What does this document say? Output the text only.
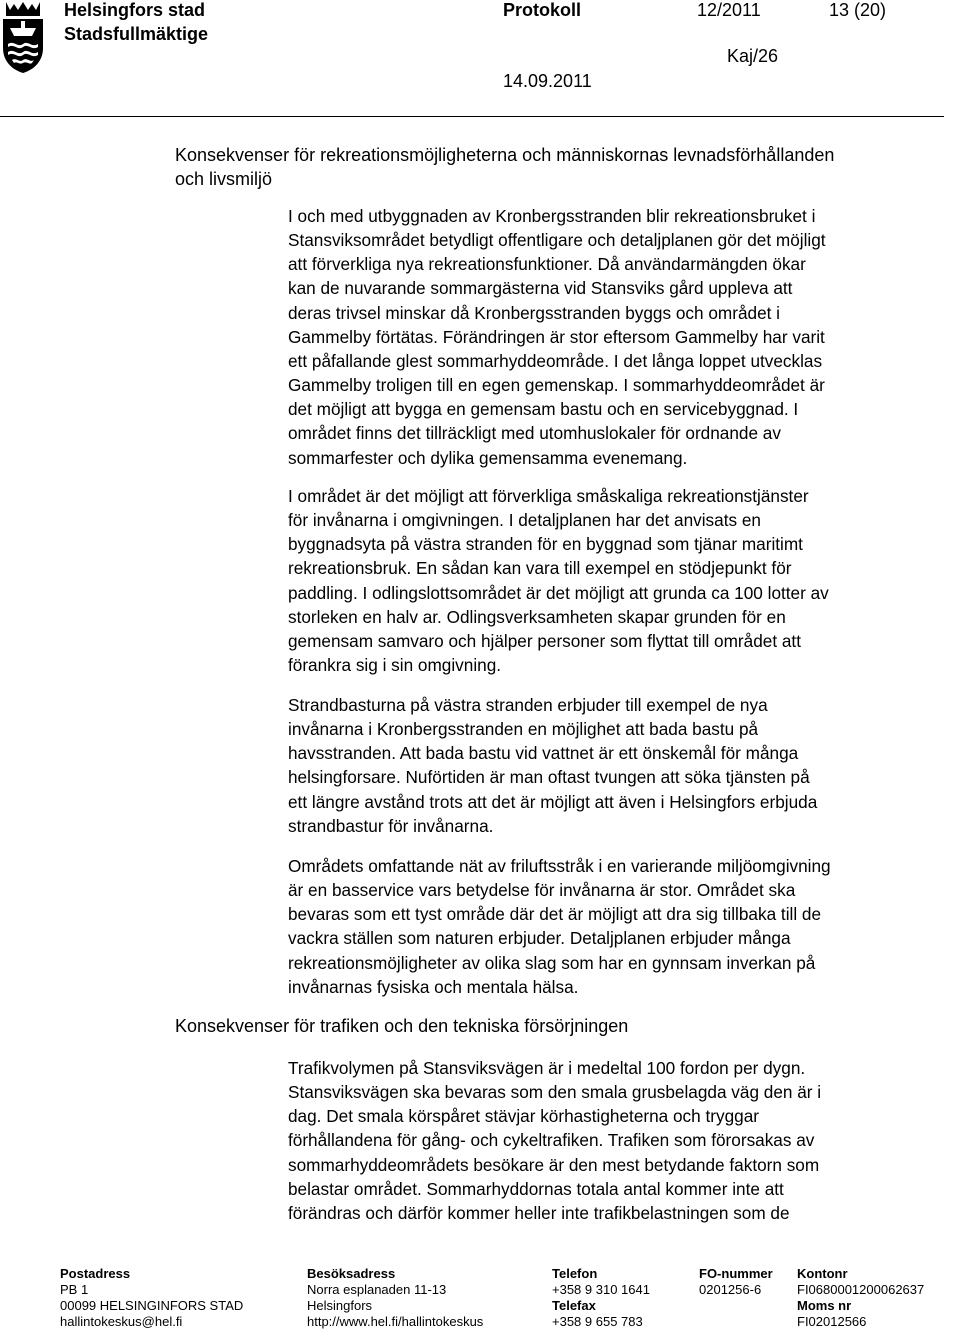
Helsingfors stad
Stadsfullmäktige
Protokoll	12/2011	13 (20)
Kaj/26
14.09.2011
Konsekvenser för rekreationsmöjligheterna och människornas levnadsförhållanden
och livsmiljö
I och med utbyggnaden av Kronbergsstranden blir rekreationsbruket i
Stansviksområdet betydligt offentligare och detaljplanen gör det möjligt
att förverkliga nya rekreationsfunktioner. Då användarmängden ökar
kan de nuvarande sommargästerna vid Stansviks gård uppleva att
deras trivsel minskar då Kronbergsstranden byggs och området i
Gammelby förtätas. Förändringen är stor eftersom Gammelby har varit
ett påfallande glest sommarhyddeområde. I det långa loppet utvecklas
Gammelby troligen till en egen gemenskap. I sommarhyddeområdet är
det möjligt att bygga en gemensam bastu och en servicebyggnad. I
området finns det tillräckligt med utomhuslokaler för ordnande av
sommarfester och dylika gemensamma evenemang.
I området är det möjligt att förverkliga småskaliga rekreationstjänster
för invånarna i omgivningen. I detaljplanen har det anvisats en
byggnadsyta på västra stranden för en byggnad som tjänar maritimt
rekreationsbruk. En sådan kan vara till exempel en stödjepunkt för
paddling. I odlingslottsområdet är det möjligt att grunda ca 100 lotter av
storleken en halv ar. Odlingsverksamheten skapar grunden för en
gemensam samvaro och hjälper personer som flyttat till området att
förankra sig i sin omgivning.
Strandbasturna på västra stranden erbjuder till exempel de nya
invånarna i Kronbergsstranden en möjlighet att bada bastu på
havsstranden. Att bada bastu vid vattnet är ett önskemål för många
helsingforsare. Nuförtiden är man oftast tvungen att söka tjänsten på
ett längre avstånd trots att det är möjligt att även i Helsingfors erbjuda
strandbastur för invånarna.
Områdets omfattande nät av friluftsstråk i en varierande miljöomgivning
är en basservice vars betydelse för invånarna är stor. Området ska
bevaras som ett tyst område där det är möjligt att dra sig tillbaka till de
vackra ställen som naturen erbjuder. Detaljplanen erbjuder många
rekreationsmöjligheter av olika slag som har en gynnsam inverkan på
invånarnas fysiska och mentala hälsa.
Konsekvenser för trafiken och den tekniska försörjningen
Trafikvolymen på Stansviksvägen är i medeltal 100 fordon per dygn.
Stansviksvägen ska bevaras som den smala grusbelagda väg den är i
dag. Det smala körspåret stävjar körhastigheterna och tryggar
förhållandena för gång- och cykeltrafiken. Trafiken som förorsakas av
sommarhyddeområdets besökare är den mest betydande faktorn som
belastar området. Sommarhyddornas totala antal kommer inte att
förändras och därför kommer heller inte trafikbelastningen som de
Postadress
PB 1
00099 HELSINGINFORS STAD
hallintokeskus@hel.fi
Besöksadress
Norra esplanaden 11-13
Helsingfors
http://www.hel.fi/hallintokeskus
Telefon
+358 9 310 1641
Telefax
+358 9 655 783
FO-nummer
0201256-6
Kontonr
FI0680001200062637
Moms nr
FI02012566
